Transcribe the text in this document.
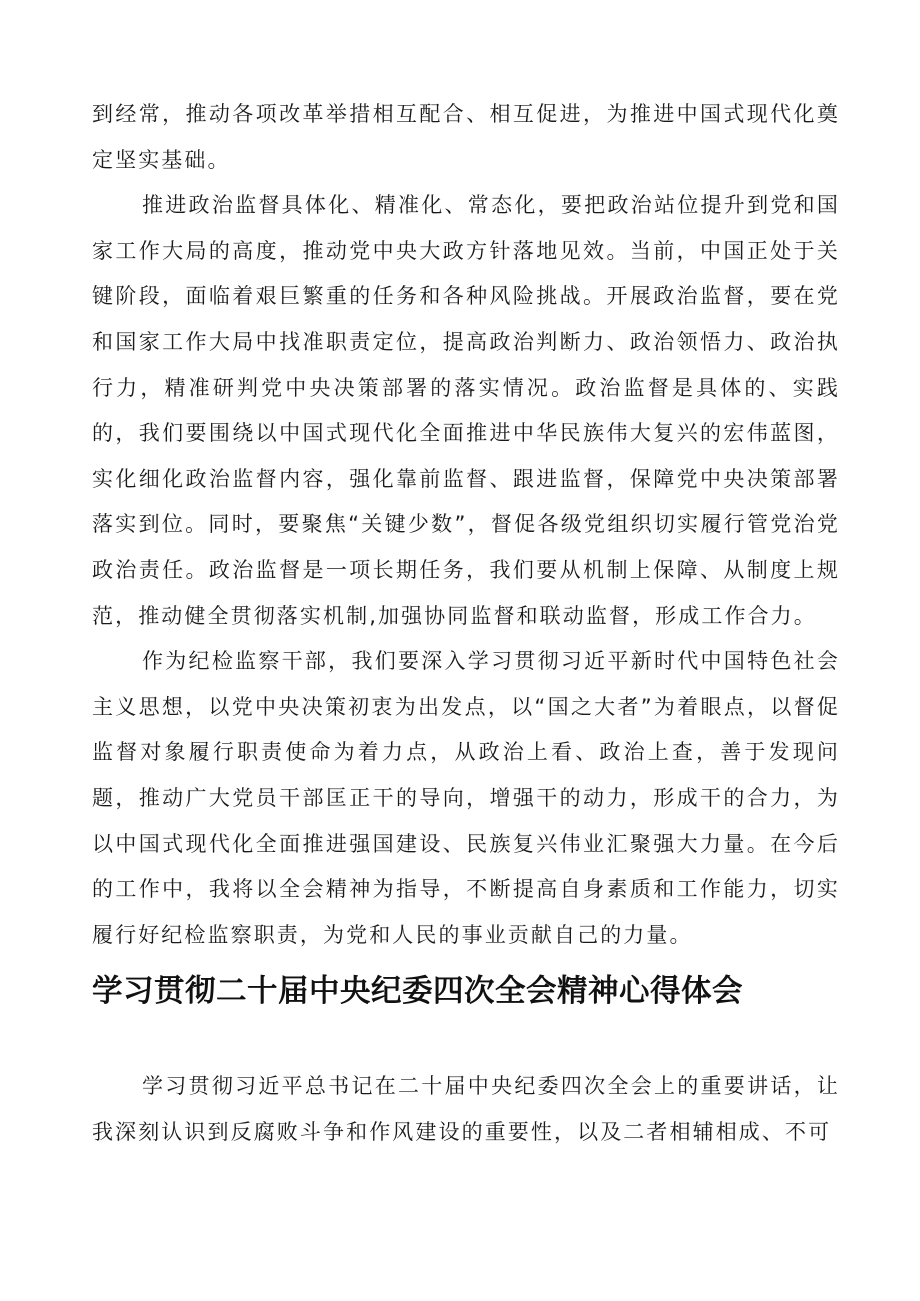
到经常，推动各项改革举措相互配合、相互促进，为推进中国式现代化奠定坚实基础。

推进政治监督具体化、精准化、常态化，要把政治站位提升到党和国家工作大局的高度，推动党中央大政方针落地见效。当前，中国正处于关键阶段，面临着艰巨繁重的任务和各种风险挑战。开展政治监督，要在党和国家工作大局中找准职责定位，提高政治判断力、政治领悟力、政治执行力，精准研判党中央决策部署的落实情况。政治监督是具体的、实践的，我们要围绕以中国式现代化全面推进中华民族伟大复兴的宏伟蓝图，实化细化政治监督内容，强化靠前监督、跟进监督，保障党中央决策部署落实到位。同时，要聚焦“关键少数”，督促各级党组织切实履行管党治党政治责任。政治监督是一项长期任务，我们要从机制上保障、从制度上规范，推动健全贯彻落实机制,加强协同监督和联动监督，形成工作合力。

作为纪检监察干部，我们要深入学习贯彻习近平新时代中国特色社会主义思想，以党中央决策初衷为出发点，以“国之大者”为着眼点，以督促监督对象履行职责使命为着力点，从政治上看、政治上查，善于发现问题，推动广大党员干部匡正干的导向，增强干的动力，形成干的合力，为以中国式现代化全面推进强国建设、民族复兴伟业汇聚强大力量。在今后的工作中，我将以全会精神为指导，不断提高自身素质和工作能力，切实履行好纪检监察职责，为党和人民的事业贡献自己的力量。

学习贯彻二十届中央纪委四次全会精神心得体会

学习贯彻习近平总书记在二十届中央纪委四次全会上的重要讲话，让我深刻认识到反腐败斗争和作风建设的重要性，以及二者相辅相成、不可
